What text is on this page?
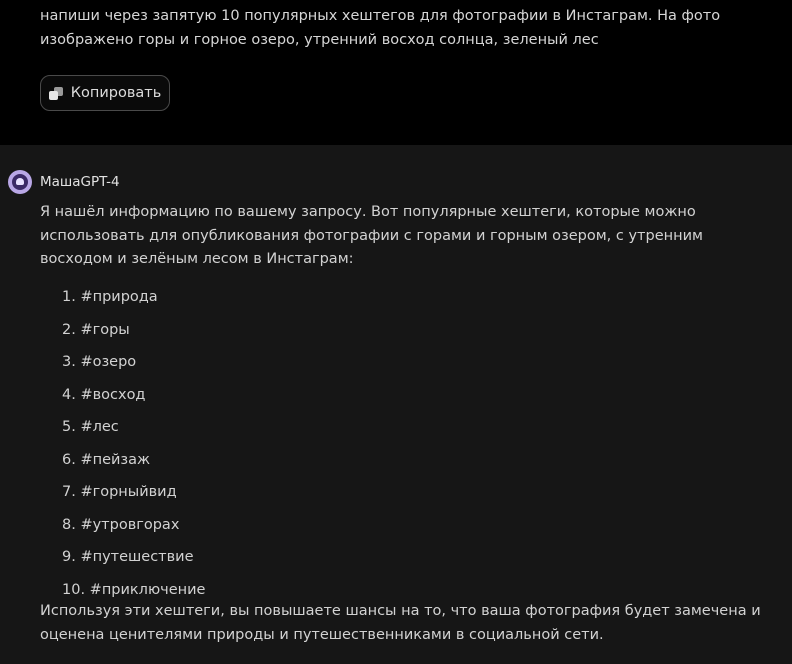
напиши через запятую 10 популярных хештегов для фотографии в Инстаграм. На фото изображено горы и горное озеро, утренний восход солнца, зеленый лес

Копировать
МашаGPT-4

Я нашёл информацию по вашему запросу. Вот популярные хештеги, которые можно использовать для опубликования фотографии с горами и горным озером, с утренним восходом и зелёным лесом в Инстаграм:

1. #природа
2. #горы
3. #озеро
4. #восход
5. #лес
6. #пейзаж
7. #горныйвид
8. #утровгорах
9. #путешествие
10. #приключение

Используя эти хештеги, вы повышаете шансы на то, что ваша фотография будет замечена и оценена ценителями природы и путешественниками в социальной сети.
